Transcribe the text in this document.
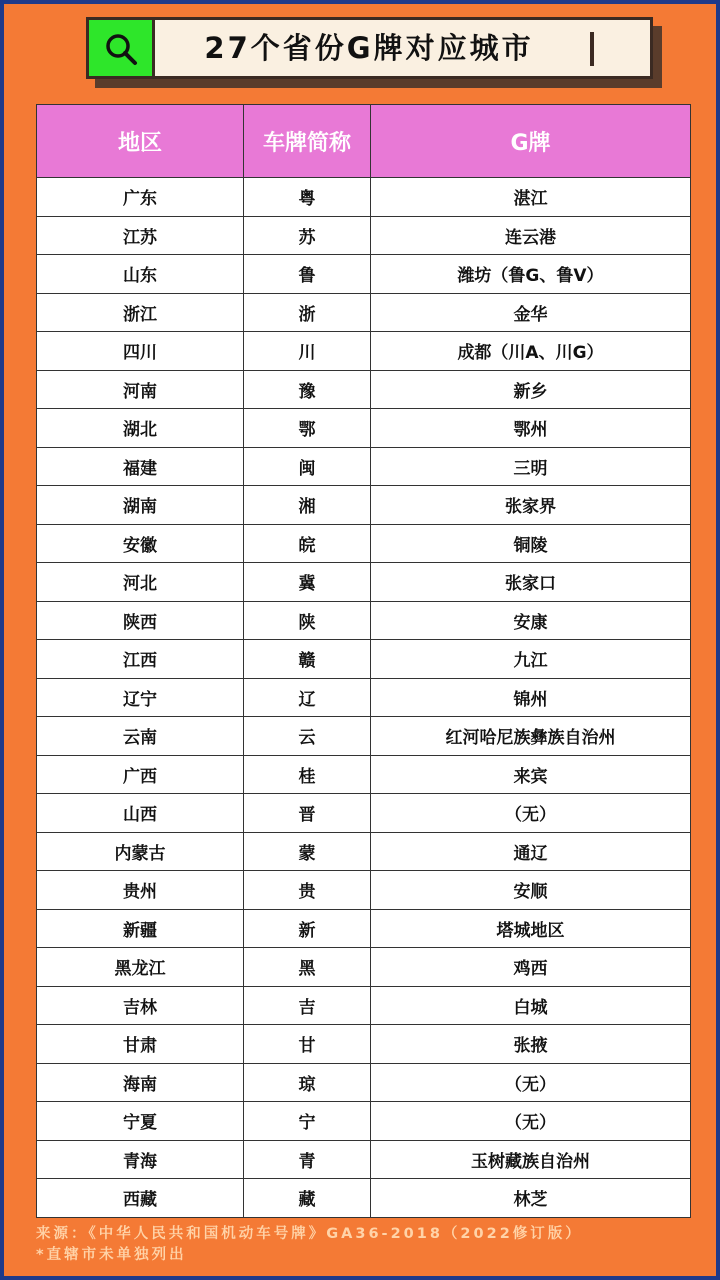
27个省份G牌对应城市
地区	车牌简称	G牌
广东	粤	湛江
江苏	苏	连云港
山东	鲁	潍坊（鲁G、鲁V）
浙江	浙	金华
四川	川	成都（川A、川G）
河南	豫	新乡
湖北	鄂	鄂州
福建	闽	三明
湖南	湘	张家界
安徽	皖	铜陵
河北	冀	张家口
陕西	陕	安康
江西	赣	九江
辽宁	辽	锦州
云南	云	红河哈尼族彝族自治州
广西	桂	来宾
山西	晋	（无）
内蒙古	蒙	通辽
贵州	贵	安顺
新疆	新	塔城地区
黑龙江	黑	鸡西
吉林	吉	白城
甘肃	甘	张掖
海南	琼	（无）
宁夏	宁	（无）
青海	青	玉树藏族自治州
西藏	藏	林芝
来源：《中华人民共和国机动车号牌》GA36-2018（2022修订版）
*直辖市未单独列出
